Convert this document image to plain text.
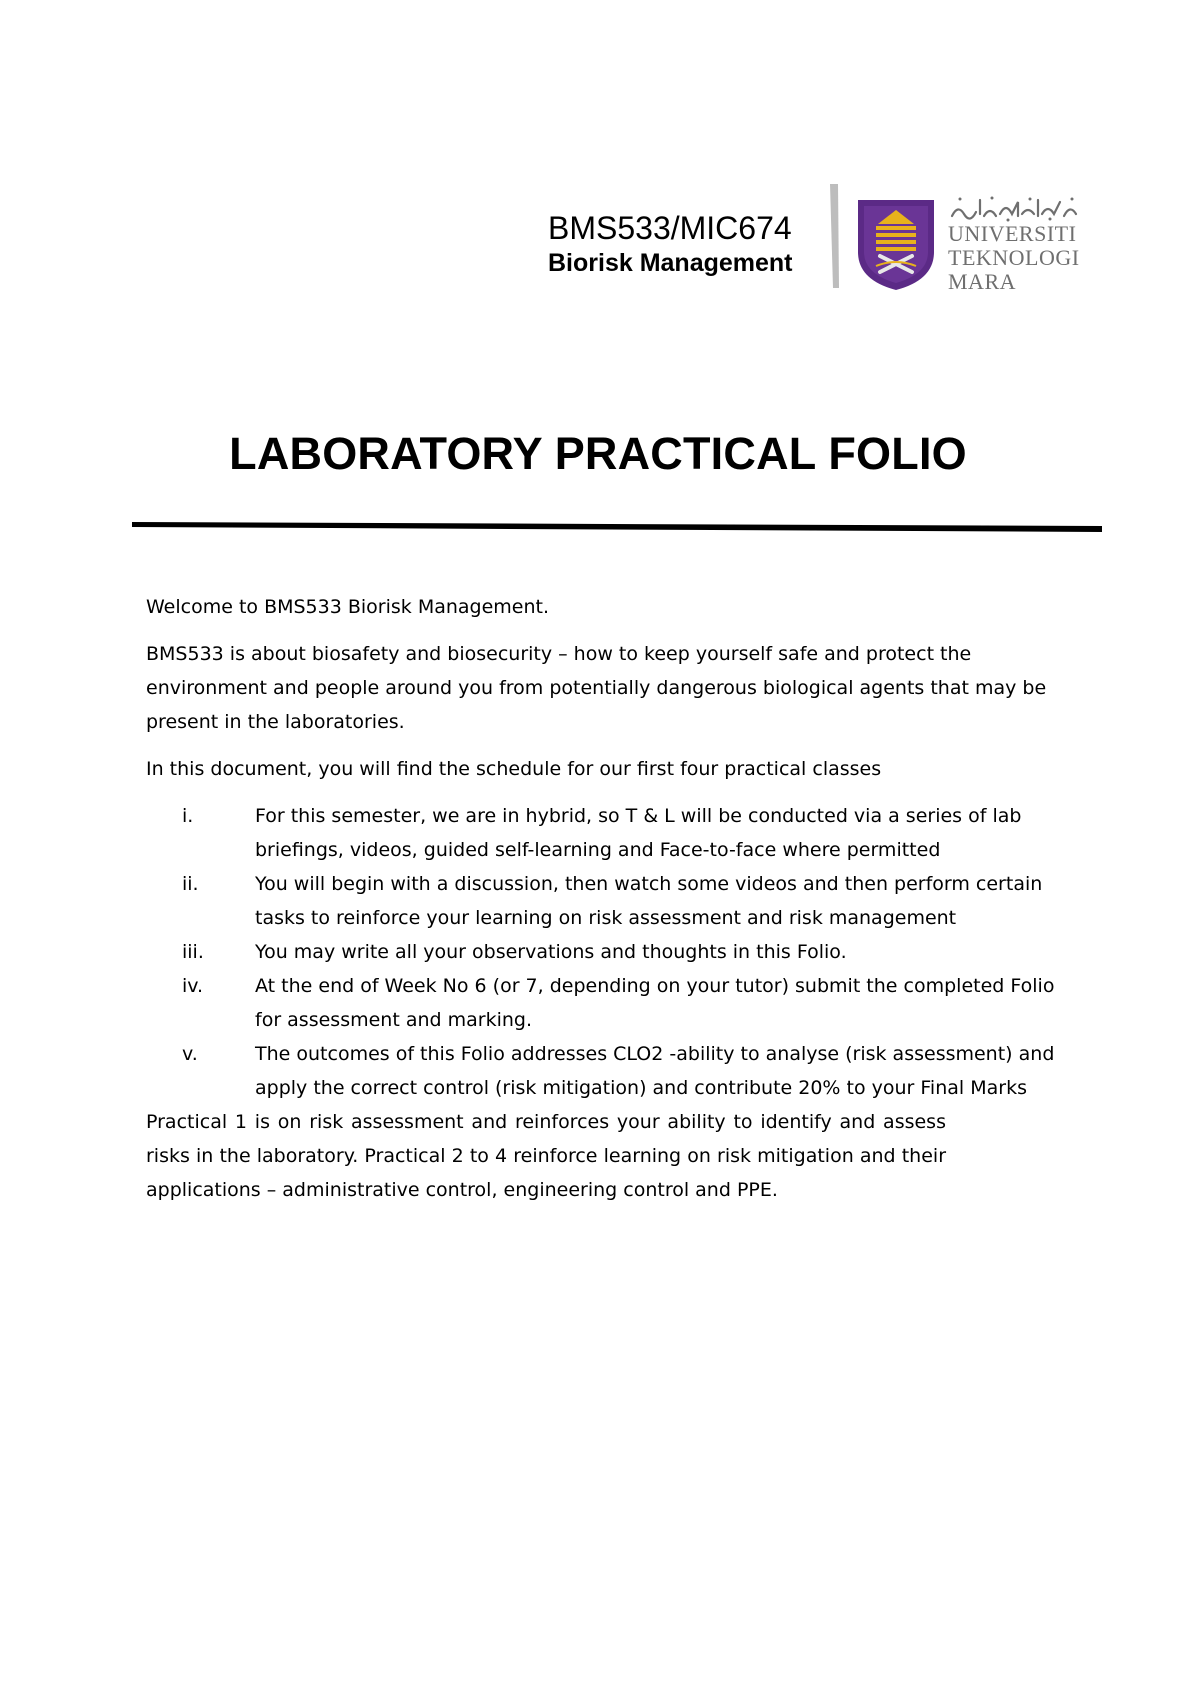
BMS533/MIC674
Biorisk Management
UNIVERSITI
TEKNOLOGI
MARA
LABORATORY PRACTICAL FOLIO

Welcome to BMS533 Biorisk Management.

BMS533 is about biosafety and biosecurity – how to keep yourself safe and protect the environment and people around you from potentially dangerous biological agents that may be present in the laboratories.

In this document, you will find the schedule for our first four practical classes

i.	For this semester, we are in hybrid, so T & L will be conducted via a series of lab briefings, videos, guided self-learning and Face-to-face where permitted
ii.	You will begin with a discussion, then watch some videos and then perform certain tasks to reinforce your learning on risk assessment and risk management
iii.	You may write all your observations and thoughts in this Folio.
iv.	At the end of Week No 6 (or 7, depending on your tutor) submit the completed Folio for assessment and marking.
v.	The outcomes of this Folio addresses CLO2 -ability to analyse (risk assessment) and apply the correct control (risk mitigation) and contribute 20% to your Final Marks

Practical 1 is on risk assessment and reinforces your ability to identify and assess risks in the laboratory. Practical 2 to 4 reinforce learning on risk mitigation and their applications – administrative control, engineering control and PPE.
